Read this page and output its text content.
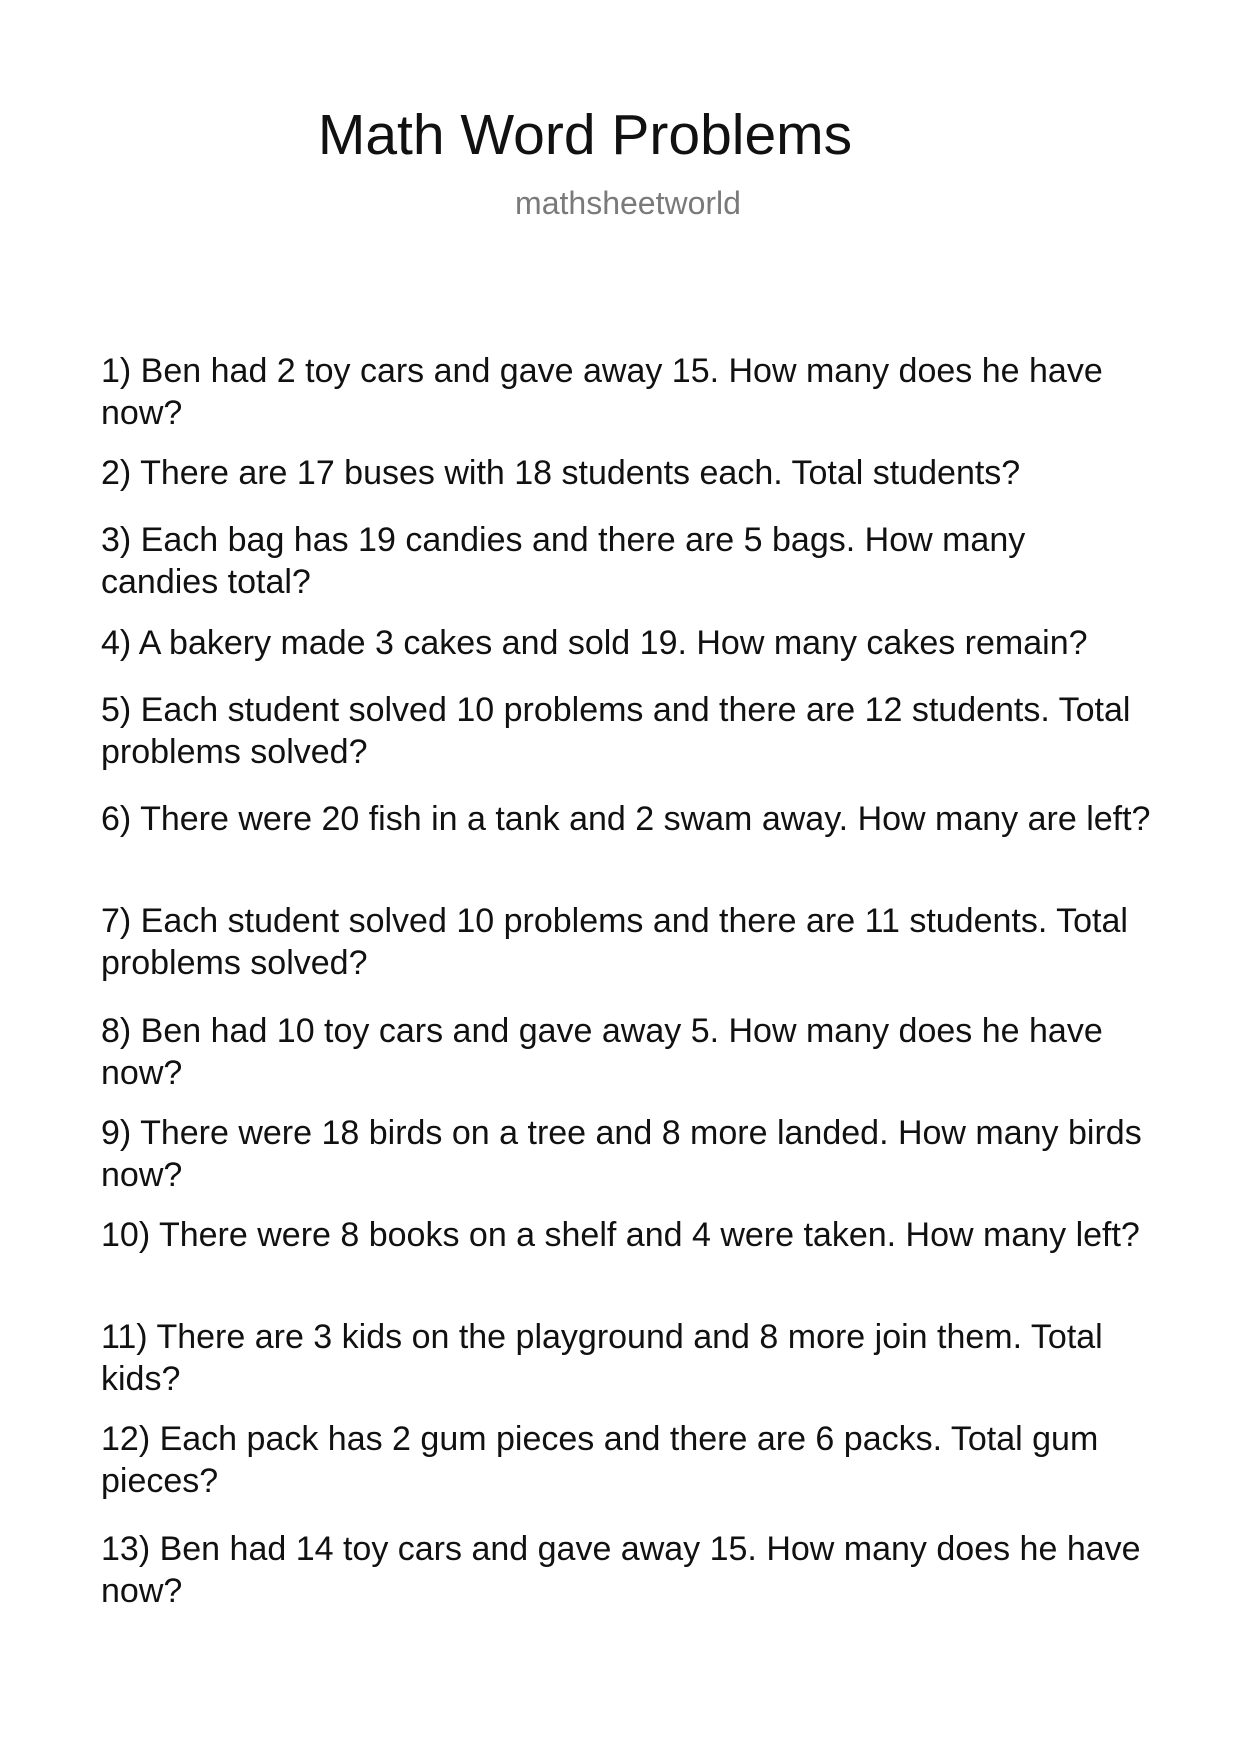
Math Word Problems
mathsheetworld
1) Ben had 2 toy cars and gave away 15. How many does he have now?
2) There are 17 buses with 18 students each. Total students?
3) Each bag has 19 candies and there are 5 bags. How many candies total?
4) A bakery made 3 cakes and sold 19. How many cakes remain?
5) Each student solved 10 problems and there are 12 students. Total problems solved?
6) There were 20 fish in a tank and 2 swam away. How many are left?
7) Each student solved 10 problems and there are 11 students. Total problems solved?
8) Ben had 10 toy cars and gave away 5. How many does he have now?
9) There were 18 birds on a tree and 8 more landed. How many birds now?
10) There were 8 books on a shelf and 4 were taken. How many left?
11) There are 3 kids on the playground and 8 more join them. Total kids?
12) Each pack has 2 gum pieces and there are 6 packs. Total gum pieces?
13) Ben had 14 toy cars and gave away 15. How many does he have now?
